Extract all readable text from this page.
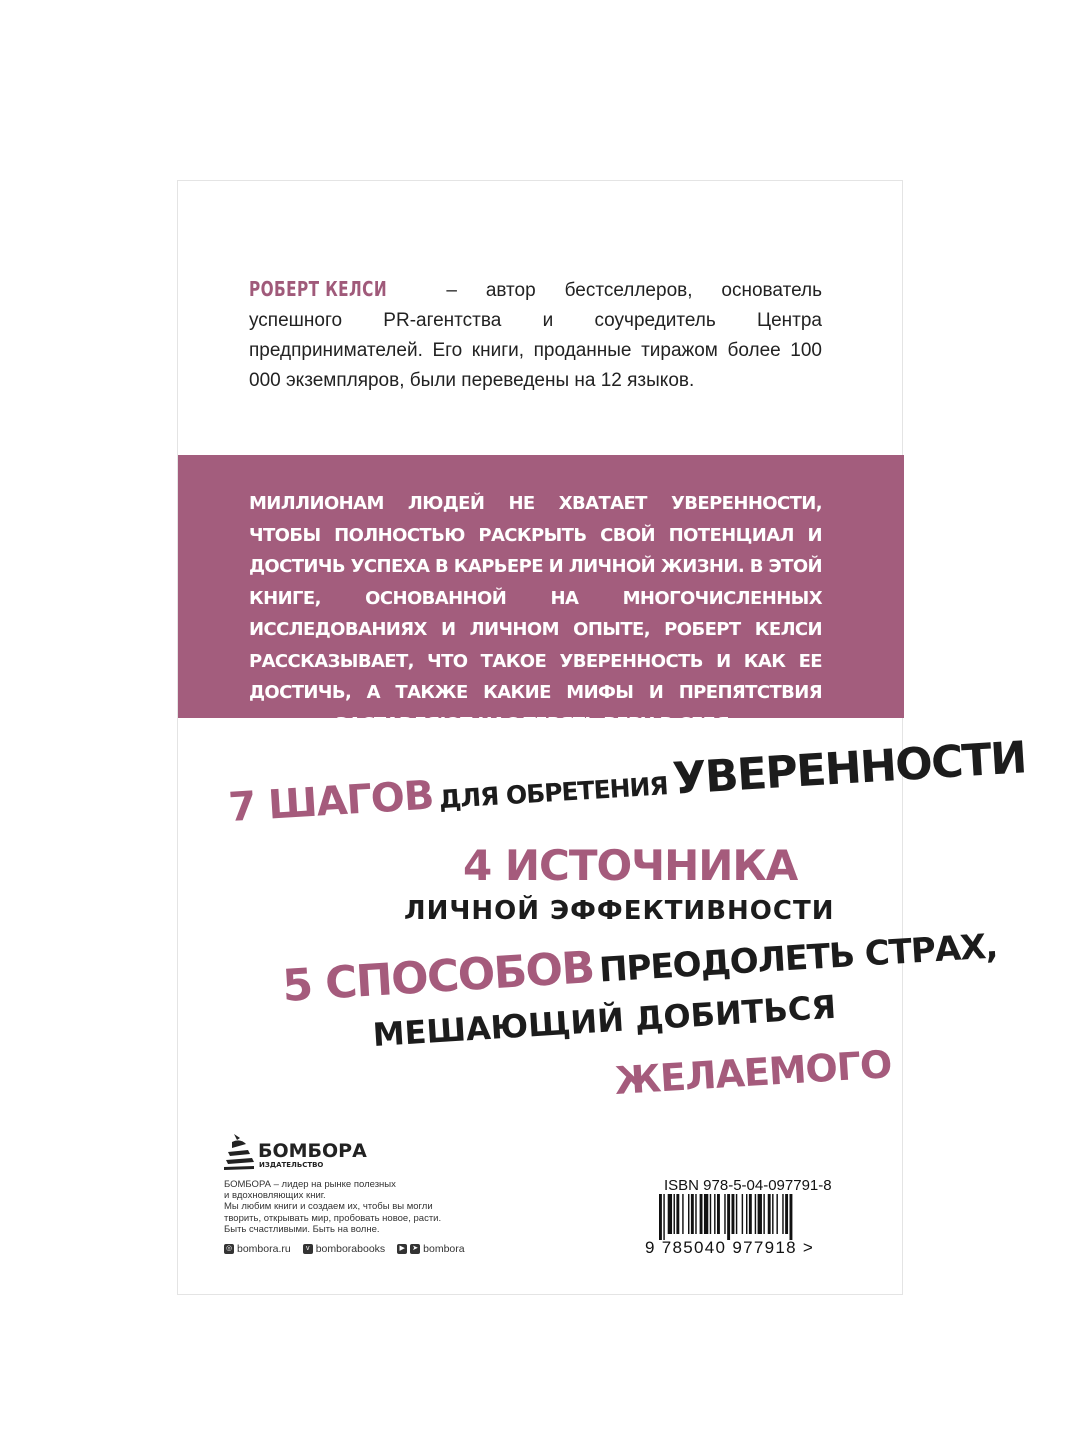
РОБЕРТ КЕЛСИ	– автор бестселлеров, основатель успешного PR-агентства и соучредитель Центра предпринимателей. Его книги, проданные тиражом более 100 000 экземпляров, были переведены на 12 языков.
МИЛЛИОНАМ ЛЮДЕЙ НЕ ХВАТАЕТ УВЕРЕННОСТИ, ЧТОБЫ ПОЛНОСТЬЮ РАСКРЫТЬ СВОЙ ПОТЕНЦИАЛ И ДОСТИЧЬ УСПЕХА В КАРЬЕРЕ И ЛИЧНОЙ ЖИЗНИ. В ЭТОЙ КНИГЕ, ОСНОВАННОЙ НА МНОГОЧИСЛЕННЫХ ИССЛЕДОВАНИЯХ И ЛИЧНОМ ОПЫТЕ, РОБЕРТ КЕЛСИ РАССКАЗЫВАЕТ, ЧТО ТАКОЕ УВЕРЕННОСТЬ И КАК ЕЕ ДОСТИЧЬ, А ТАКЖЕ КАКИЕ МИФЫ И ПРЕПЯТСТВИЯ ЗАСТАВЛЯЮТ НАС ТЕРЯТЬ ВЕРУ В СЕБЯ.
7 ШАГОВ ДЛЯ ОБРЕТЕНИЯ УВЕРЕННОСТИ
4 ИСТОЧНИКА
ЛИЧНОЙ ЭФФЕКТИВНОСТИ
5 СПОСОБОВ ПРЕОДОЛЕТЬ СТРАХ,
МЕШАЮЩИЙ ДОБИТЬСЯ
ЖЕЛАЕМОГО
БОМБОРА
ИЗДАТЕЛЬСТВО
БОМБОРА – лидер на рынке полезных
и вдохновляющих книг.
Мы любим книги и создаем их, чтобы вы могли
творить, открывать мир, пробовать новое, расти.
Быть счастливыми. Быть на волне.
◎ bombora.ru	v bomborabooks	▶	➤ bombora
ISBN 978-5-04-097791-8
9 785040 977918 >
